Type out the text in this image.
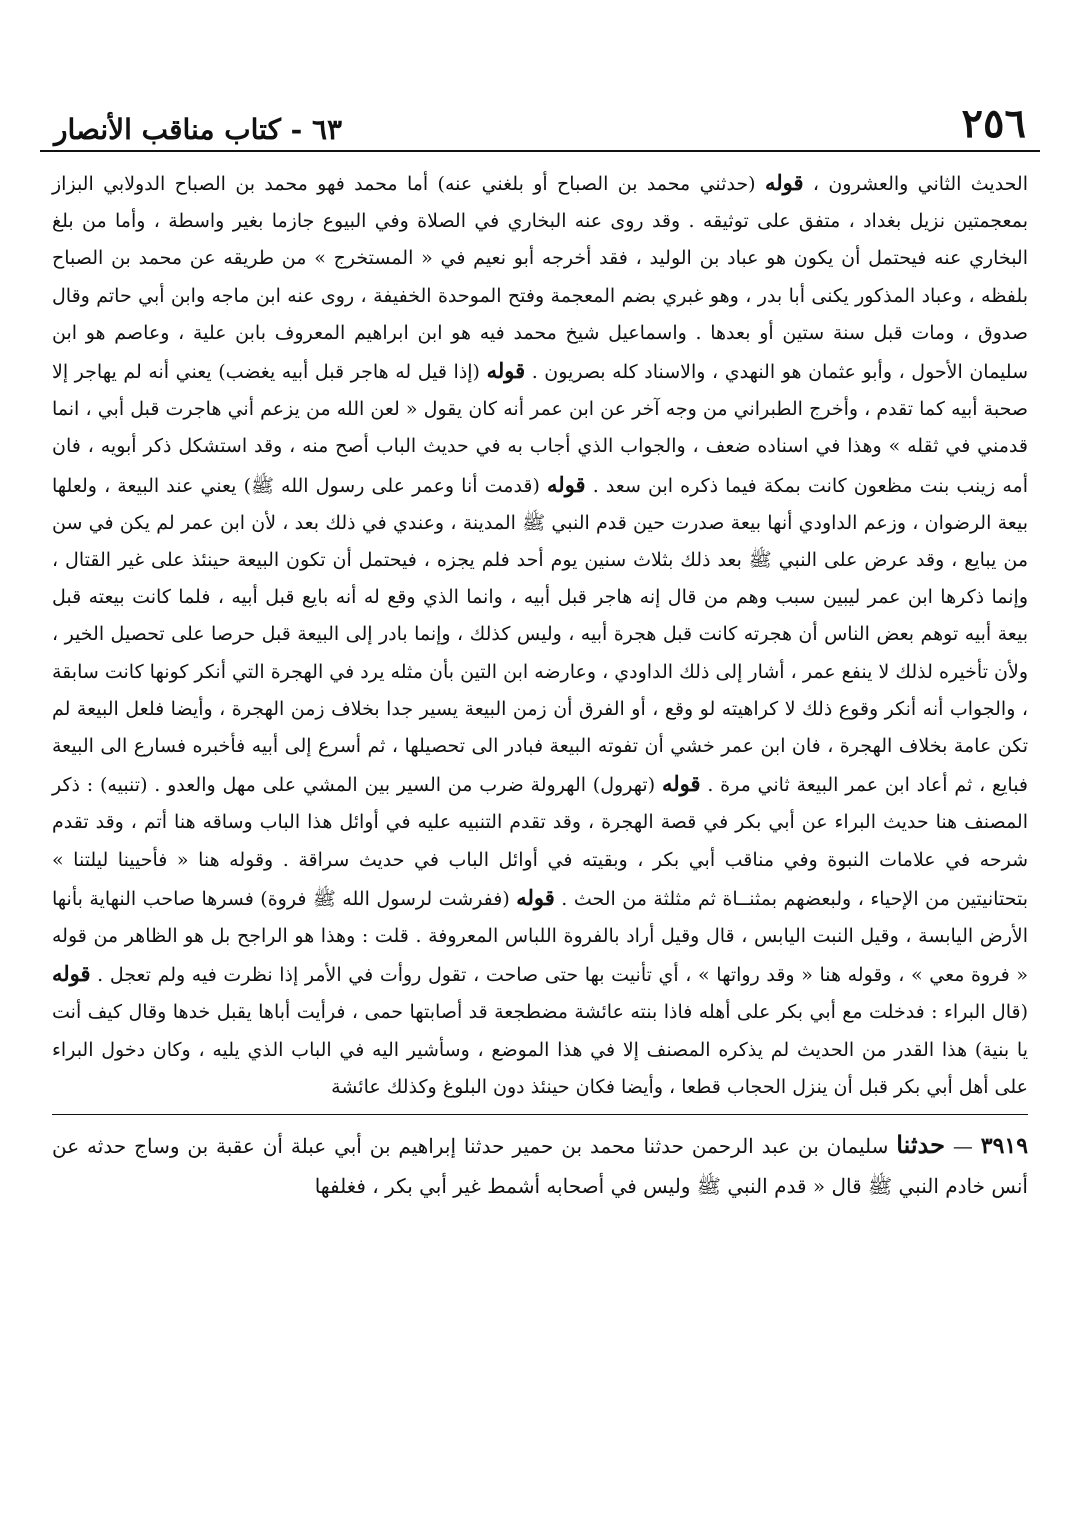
٢٥٦
٦٣ - كتاب مناقب الأنصار

الحديث الثاني والعشرون ، قوله (حدثني محمد بن الصباح أو بلغني عنه) أما محمد فهو محمد بن الصباح الدولابي البزاز بمعجمتين نزيل بغداد ، متفق على توثيقه . وقد روى عنه البخاري في الصلاة وفي البيوع جازما بغير واسطة ، وأما من بلغ البخاري عنه فيحتمل أن يكون هو عباد بن الوليد ، فقد أخرجه أبو نعيم في « المستخرج » من طريقه عن محمد بن الصباح بلفظه ، وعباد المذكور يكنى أبا بدر ، وهو غبري بضم المعجمة وفتح الموحدة الخفيفة ، روى عنه ابن ماجه وابن أبي حاتم وقال صدوق ، ومات قبل سنة ستين أو بعدها . واسماعيل شيخ محمد فيه هو ابن ابراهيم المعروف بابن علية ، وعاصم هو ابن سليمان الأحول ، وأبو عثمان هو النهدي ، والاسناد كله بصريون . قوله (إذا قيل له هاجر قبل أبيه يغضب) يعني أنه لم يهاجر إلا صحبة أبيه كما تقدم ، وأخرج الطبراني من وجه آخر عن ابن عمر أنه كان يقول « لعن الله من يزعم أني هاجرت قبل أبي ، انما قدمني في ثقله » وهذا في اسناده ضعف ، والجواب الذي أجاب به في حديث الباب أصح منه ، وقد استشكل ذكر أبويه ، فان أمه زينب بنت مظعون كانت بمكة فيما ذكره ابن سعد . قوله (قدمت أنا وعمر على رسول الله ﷺ) يعني عند البيعة ، ولعلها بيعة الرضوان ، وزعم الداودي أنها بيعة صدرت حين قدم النبي ﷺ المدينة ، وعندي في ذلك بعد ، لأن ابن عمر لم يكن في سن من يبايع ، وقد عرض على النبي ﷺ بعد ذلك بثلاث سنين يوم أحد فلم يجزه ، فيحتمل أن تكون البيعة حينئذ على غير القتال ، وإنما ذكرها ابن عمر ليبين سبب وهم من قال إنه هاجر قبل أبيه ، وانما الذي وقع له أنه بايع قبل أبيه ، فلما كانت بيعته قبل بيعة أبيه توهم بعض الناس أن هجرته كانت قبل هجرة أبيه ، وليس كذلك ، وإنما بادر إلى البيعة قبل حرصا على تحصيل الخير ، ولأن تأخيره لذلك لا ينفع عمر ، أشار إلى ذلك الداودي ، وعارضه ابن التين بأن مثله يرد في الهجرة التي أنكر كونها كانت سابقة ، والجواب أنه أنكر وقوع ذلك لا كراهيته لو وقع ، أو الفرق أن زمن البيعة يسير جدا بخلاف زمن الهجرة ، وأيضا فلعل البيعة لم تكن عامة بخلاف الهجرة ، فان ابن عمر خشي أن تفوته البيعة فبادر الى تحصيلها ، ثم أسرع إلى أبيه فأخبره فسارع الى البيعة فبايع ، ثم أعاد ابن عمر البيعة ثاني مرة . قوله (تهرول) الهرولة ضرب من السير بين المشي على مهل والعدو . (تنبيه) : ذكر المصنف هنا حديث البراء عن أبي بكر في قصة الهجرة ، وقد تقدم التنبيه عليه في أوائل هذا الباب وساقه هنا أتم ، وقد تقدم شرحه في علامات النبوة وفي مناقب أبي بكر ، وبقيته في أوائل الباب في حديث سراقة . وقوله هنا « فأحيينا ليلتنا » بتحتانيتين من الإحياء ، ولبعضهم بمثنــاة ثم مثلثة من الحث . قوله (ففرشت لرسول الله ﷺ فروة) فسرها صاحب النهاية بأنها الأرض اليابسة ، وقيل النبت اليابس ، قال وقيل أراد بالفروة اللباس المعروفة . قلت : وهذا هو الراجح بل هو الظاهر من قوله « فروة معي » ، وقوله هنا « وقد رواتها » ، أي تأنيت بها حتى صاحت ، تقول روأت في الأمر إذا نظرت فيه ولم تعجل . قوله (قال البراء : فدخلت مع أبي بكر على أهله فاذا بنته عائشة مضطجعة قد أصابتها حمى ، فرأيت أباها يقبل خدها وقال كيف أنت يا بنية) هذا القدر من الحديث لم يذكره المصنف إلا في هذا الموضع ، وسأشير اليه في الباب الذي يليه ، وكان دخول البراء على أهل أبي بكر قبل أن ينزل الحجاب قطعا ، وأيضا فكان حينئذ دون البلوغ وكذلك عائشة

٣٩١٩ — حدثنا سليمان بن عبد الرحمن حدثنا محمد بن حمير حدثنا إبراهيم بن أبي عبلة أن عقبة بن وساج حدثه عن أنس خادم النبي ﷺ قال « قدم النبي ﷺ وليس في أصحابه أشمط غير أبي بكر ، فغلفها
